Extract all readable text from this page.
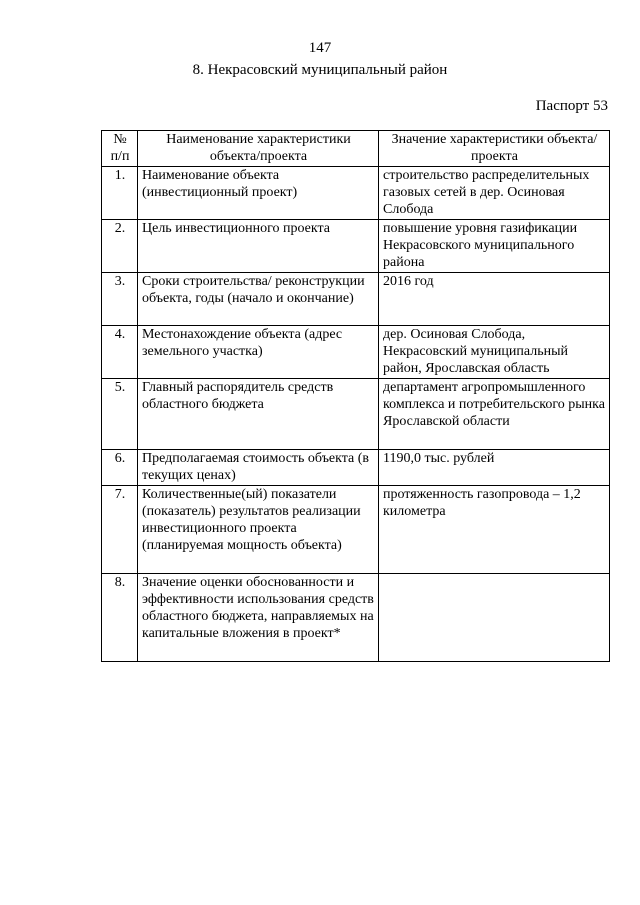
147
8. Некрасовский муниципальный район
Паспорт 53
№ п/п	Наименование характеристики объекта/проекта	Значение характеристики объекта/проекта
1.	Наименование объекта (инвестиционный проект)	строительство распределительных газовых сетей в дер. Осиновая Слобода
2.	Цель инвестиционного проекта	повышение уровня газификации Некрасовского муниципального района
3.	Сроки строительства/ реконструкции объекта, годы (начало и окончание)	2016 год
4.	Местонахождение объекта (адрес земельного участка)	дер. Осиновая Слобода, Некрасовский муниципальный район, Ярославская область
5.	Главный распорядитель средств областного бюджета	департамент агропромышленного комплекса и потребительского рынка Ярославской области
6.	Предполагаемая стоимость объекта (в текущих ценах)	1190,0 тыс. рублей
7.	Количественные(ый) показатели (показатель) результатов реализации инвестиционного проекта (планируемая мощность объекта)	протяженность газопровода – 1,2 километра
8.	Значение оценки обоснованности и эффективности использования средств областного бюджета, направляемых на капитальные вложения в проект*	
